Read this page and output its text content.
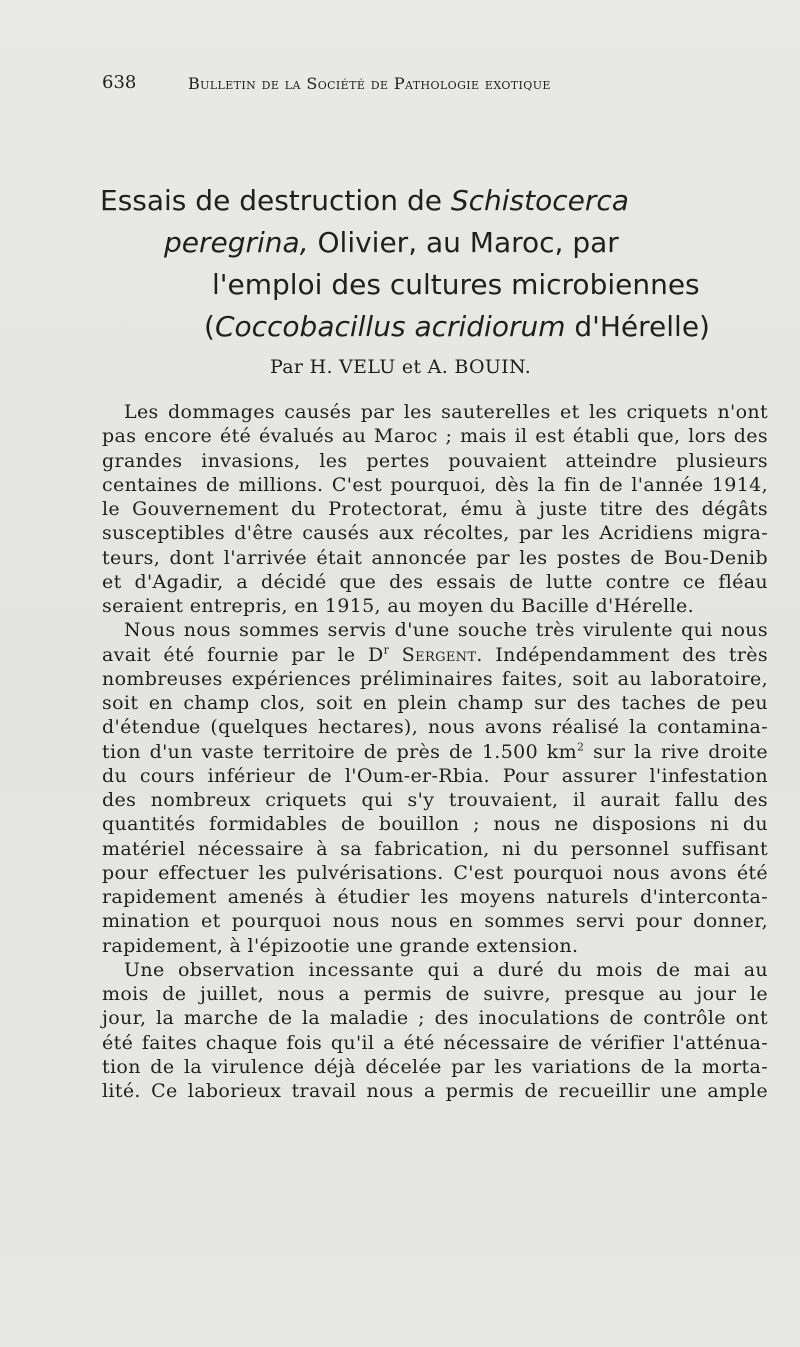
638	Bulletin de la Société de Pathologie exotique
Essais de destruction de Schistocerca
peregrina, Olivier, au Maroc, par
l'emploi des cultures microbiennes
(Coccobacillus acridiorum d'Hérelle)
Par H. VELU et A. BOUIN.
Les dommages causés par les sauterelles et les criquets n'ont
pas encore été évalués au Maroc ; mais il est établi que, lors des
grandes invasions, les pertes pouvaient atteindre plusieurs
centaines de millions. C'est pourquoi, dès la fin de l'année 1914,
le Gouvernement du Protectorat, ému à juste titre des dégâts
susceptibles d'être causés aux récoltes, par les Acridiens migra-
teurs, dont l'arrivée était annoncée par les postes de Bou-Denib
et d'Agadir, a décidé que des essais de lutte contre ce fléau
seraient entrepris, en 1915, au moyen du Bacille d'Hérelle.
Nous nous sommes servis d'une souche très virulente qui nous
avait été fournie par le $D^r$ Sergent. Indépendamment des très
nombreuses expériences préliminaires faites, soit au laboratoire,
soit en champ clos, soit en plein champ sur des taches de peu
d'étendue (quelques hectares), nous avons réalisé la contamina-
tion d'un vaste territoire de près de 1.500 $km^2$ sur la rive droite
du cours inférieur de l'Oum-er-Rbia. Pour assurer l'infestation
des nombreux criquets qui s'y trouvaient, il aurait fallu des
quantités formidables de bouillon ; nous ne disposions ni du
matériel nécessaire à sa fabrication, ni du personnel suffisant
pour effectuer les pulvérisations. C'est pourquoi nous avons été
rapidement amenés à étudier les moyens naturels d'interconta-
mination et pourquoi nous nous en sommes servi pour donner,
rapidement, à l'épizootie une grande extension.
Une observation incessante qui a duré du mois de mai au
mois de juillet, nous a permis de suivre, presque au jour le
jour, la marche de la maladie ; des inoculations de contrôle ont
été faites chaque fois qu'il a été nécessaire de vérifier l'atténua-
tion de la virulence déjà décelée par les variations de la morta-
lité. Ce laborieux travail nous a permis de recueillir une ample
